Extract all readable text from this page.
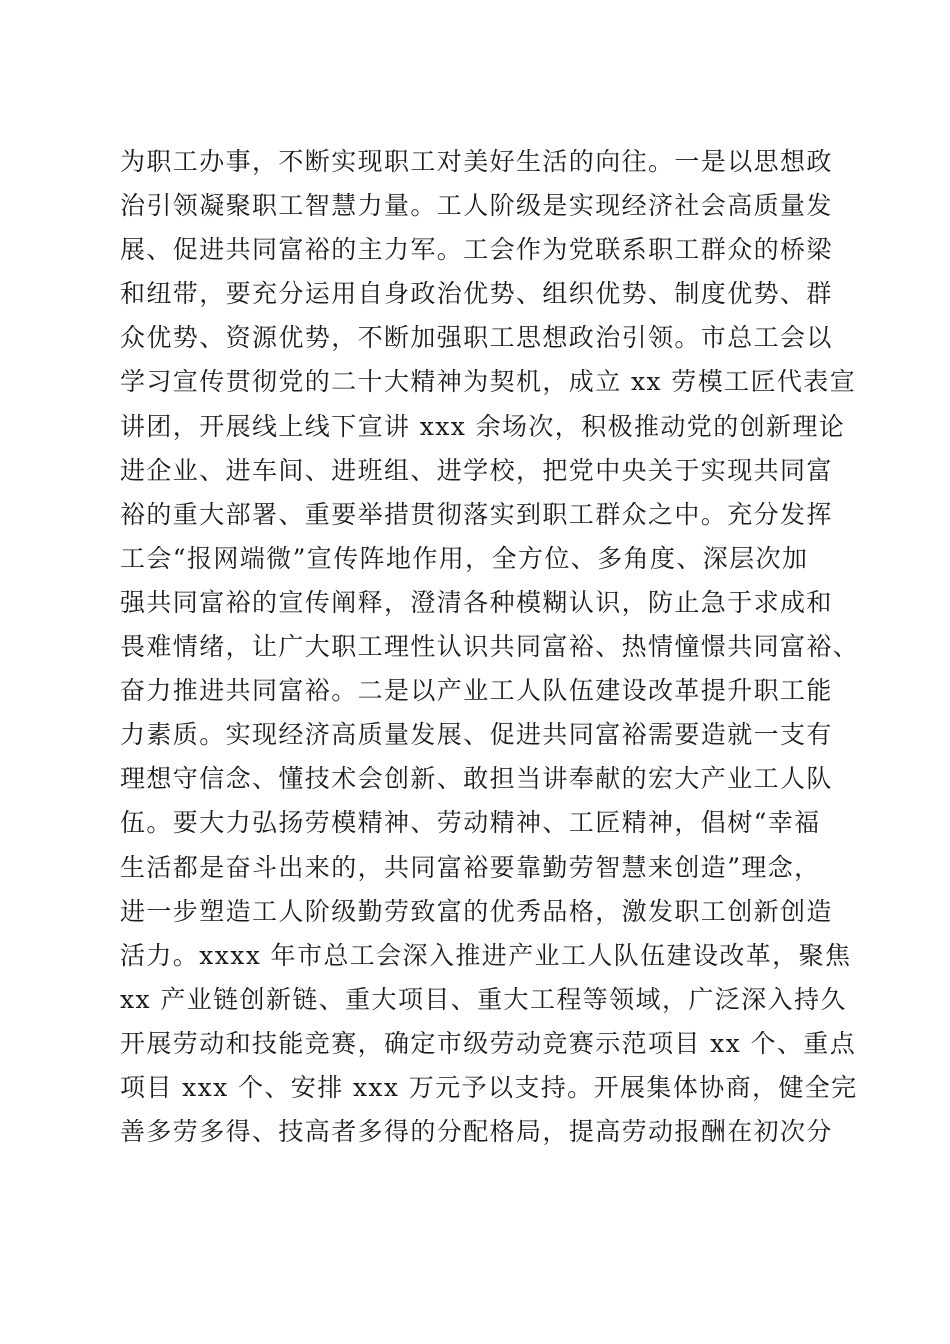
为职工办事，不断实现职工对美好生活的向往。一是以思想政
治引领凝聚职工智慧力量。工人阶级是实现经济社会高质量发
展、促进共同富裕的主力军。工会作为党联系职工群众的桥梁
和纽带，要充分运用自身政治优势、组织优势、制度优势、群
众优势、资源优势，不断加强职工思想政治引领。市总工会以
学习宣传贯彻党的二十大精神为契机，成立 xx 劳模工匠代表宣
讲团，开展线上线下宣讲 xxx 余场次，积极推动党的创新理论
进企业、进车间、进班组、进学校，把党中央关于实现共同富
裕的重大部署、重要举措贯彻落实到职工群众之中。充分发挥
工会“报网端微”宣传阵地作用，全方位、多角度、深层次加
强共同富裕的宣传阐释，澄清各种模糊认识，防止急于求成和
畏难情绪，让广大职工理性认识共同富裕、热情憧憬共同富裕、
奋力推进共同富裕。二是以产业工人队伍建设改革提升职工能
力素质。实现经济高质量发展、促进共同富裕需要造就一支有
理想守信念、懂技术会创新、敢担当讲奉献的宏大产业工人队
伍。要大力弘扬劳模精神、劳动精神、工匠精神，倡树“幸福
生活都是奋斗出来的，共同富裕要靠勤劳智慧来创造”理念，
进一步塑造工人阶级勤劳致富的优秀品格，激发职工创新创造
活力。xxxx 年市总工会深入推进产业工人队伍建设改革，聚焦
xx 产业链创新链、重大项目、重大工程等领域，广泛深入持久
开展劳动和技能竞赛，确定市级劳动竞赛示范项目 xx 个、重点
项目 xxx 个、安排 xxx 万元予以支持。开展集体协商，健全完
善多劳多得、技高者多得的分配格局，提高劳动报酬在初次分
